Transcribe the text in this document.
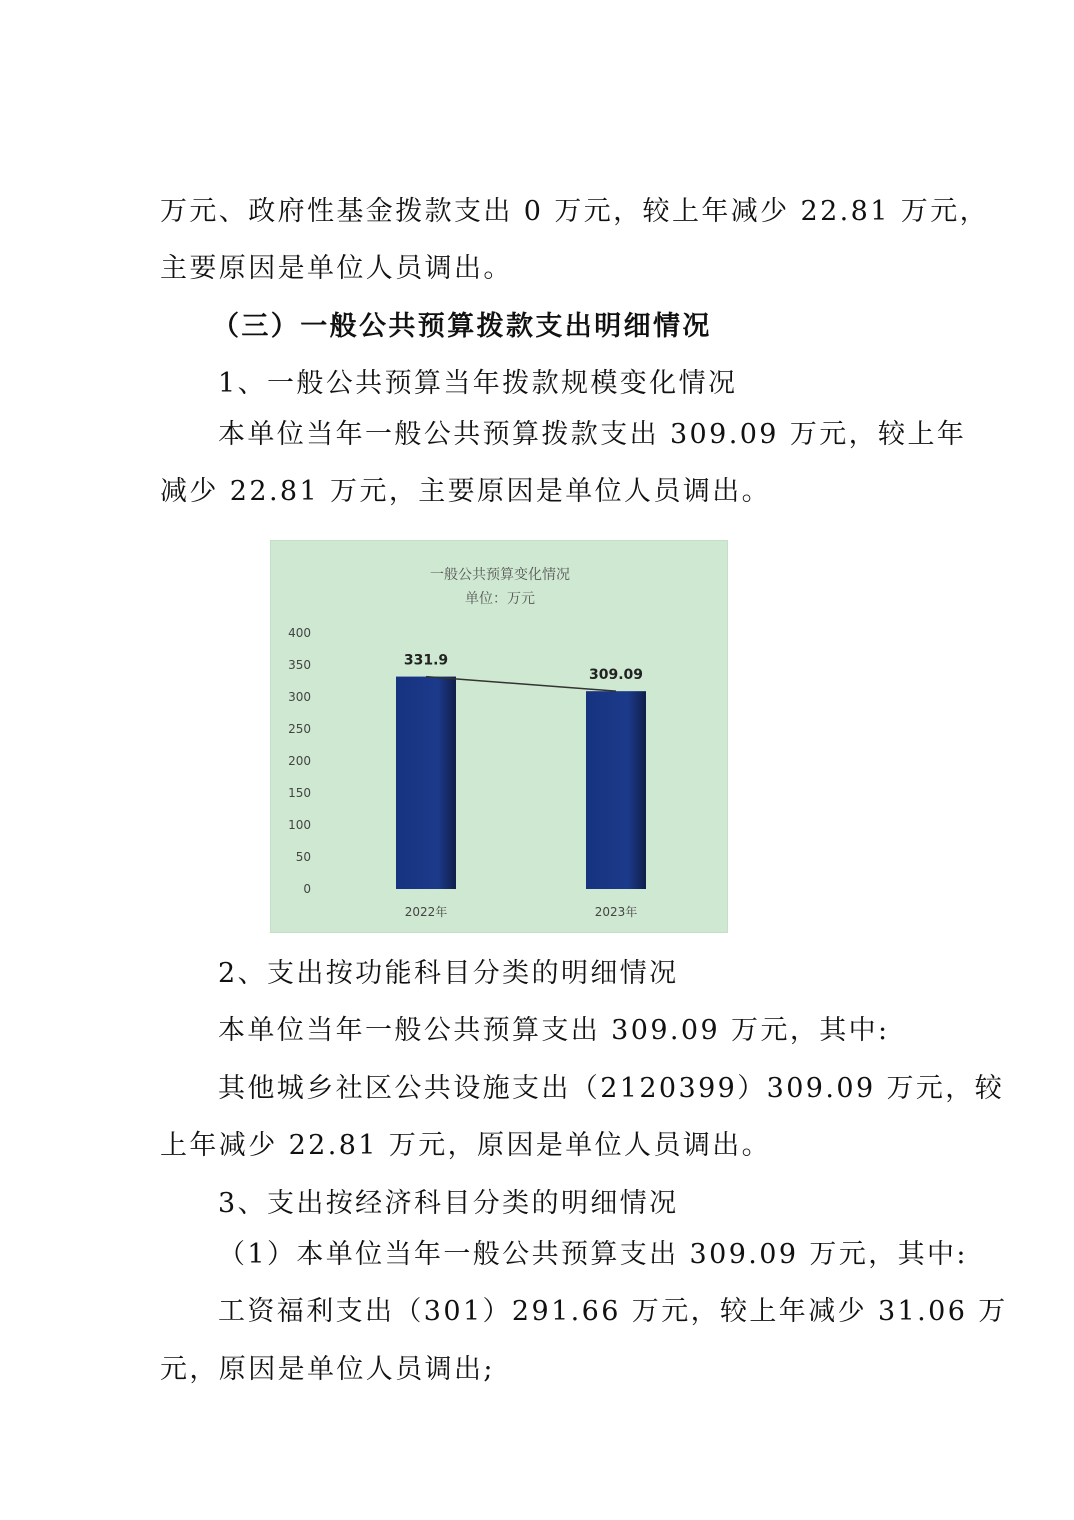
万元、政府性基金拨款支出 0 万元，较上年减少 22.81 万元，
主要原因是单位人员调出。
（三）一般公共预算拨款支出明细情况
1、一般公共预算当年拨款规模变化情况
本单位当年一般公共预算拨款支出 309.09 万元，较上年
减少 22.81 万元，主要原因是单位人员调出。
一般公共预算变化情况
单位：万元
0
50
100
150
200
250
300
350
400
331.9
309.09
2022年	2023年
2、支出按功能科目分类的明细情况
本单位当年一般公共预算支出 309.09 万元，其中:
其他城乡社区公共设施支出（2120399）309.09 万元，较
上年减少 22.81 万元，原因是单位人员调出。
3、支出按经济科目分类的明细情况
（1）本单位当年一般公共预算支出 309.09 万元，其中:
工资福利支出（301）291.66 万元，较上年减少 31.06 万
元，原因是单位人员调出;
